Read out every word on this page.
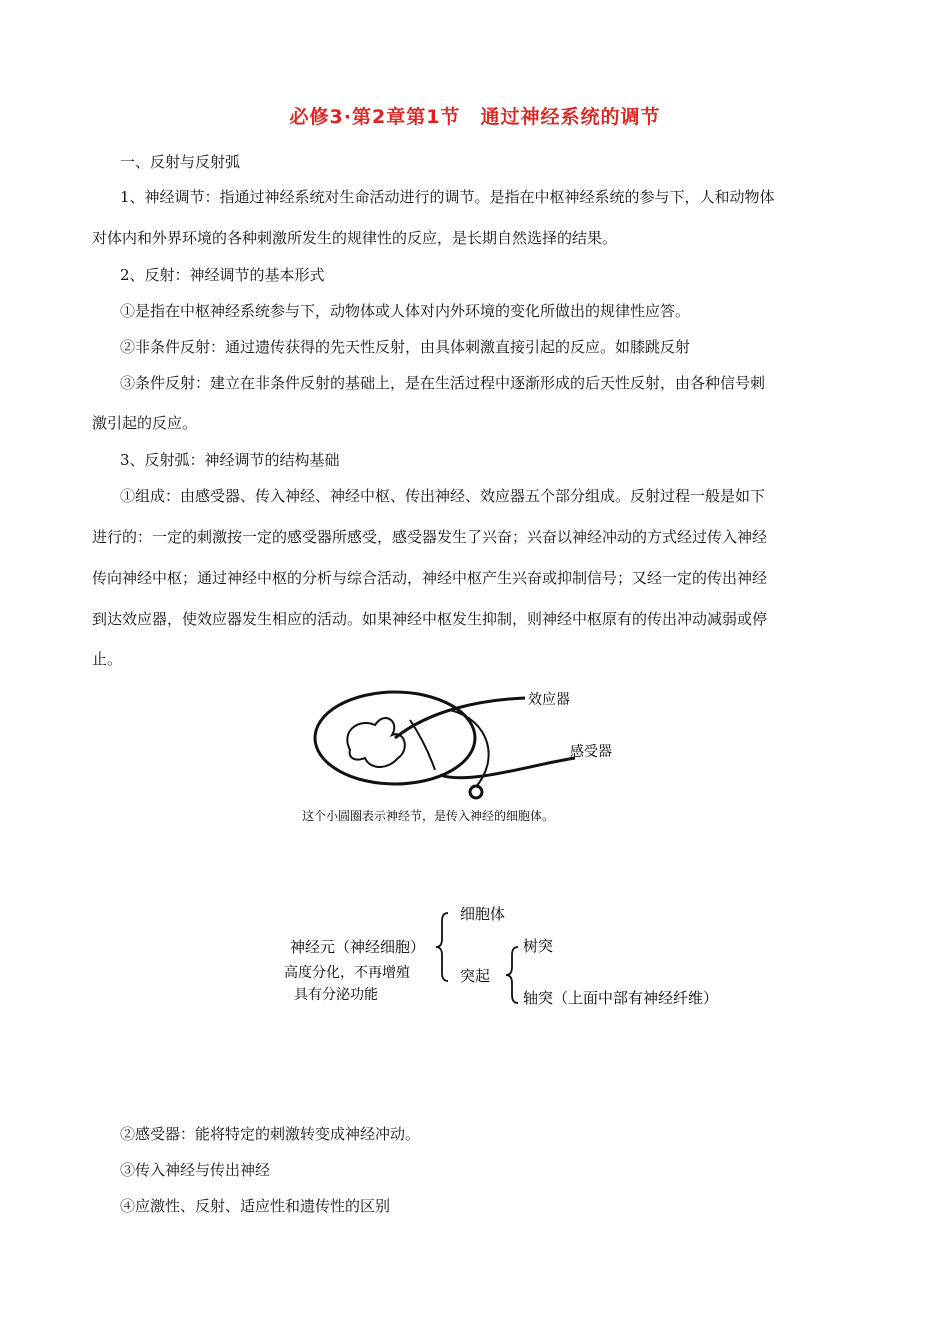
必修3·第2章第1节 通过神经系统的调节
一、反射与反射弧
1、神经调节：指通过神经系统对生命活动进行的调节。是指在中枢神经系统的参与下，人和动物体
对体内和外界环境的各种刺激所发生的规律性的反应，是长期自然选择的结果。
2、反射：神经调节的基本形式
①是指在中枢神经系统参与下，动物体或人体对内外环境的变化所做出的规律性应答。
②非条件反射：通过遗传获得的先天性反射，由具体刺激直接引起的反应。如膝跳反射
③条件反射：建立在非条件反射的基础上，是在生活过程中逐渐形成的后天性反射，由各种信号刺
激引起的反应。
3、反射弧：神经调节的结构基础
①组成：由感受器、传入神经、神经中枢、传出神经、效应器五个部分组成。反射过程一般是如下
进行的：一定的刺激按一定的感受器所感受，感受器发生了兴奋；兴奋以神经冲动的方式经过传入神经
传向神经中枢；通过神经中枢的分析与综合活动，神经中枢产生兴奋或抑制信号；又经一定的传出神经
到达效应器，使效应器发生相应的活动。如果神经中枢发生抑制，则神经中枢原有的传出冲动减弱或停
止。
效应器
感受器
这个小圆圈表示神经节，是传入神经的细胞体。
神经元（神经细胞）
高度分化，不再增殖
具有分泌功能
细胞体
突起
树突
轴突（上面中部有神经纤维）
②感受器：能将特定的刺激转变成神经冲动。
③传入神经与传出神经
④应激性、反射、适应性和遗传性的区别
